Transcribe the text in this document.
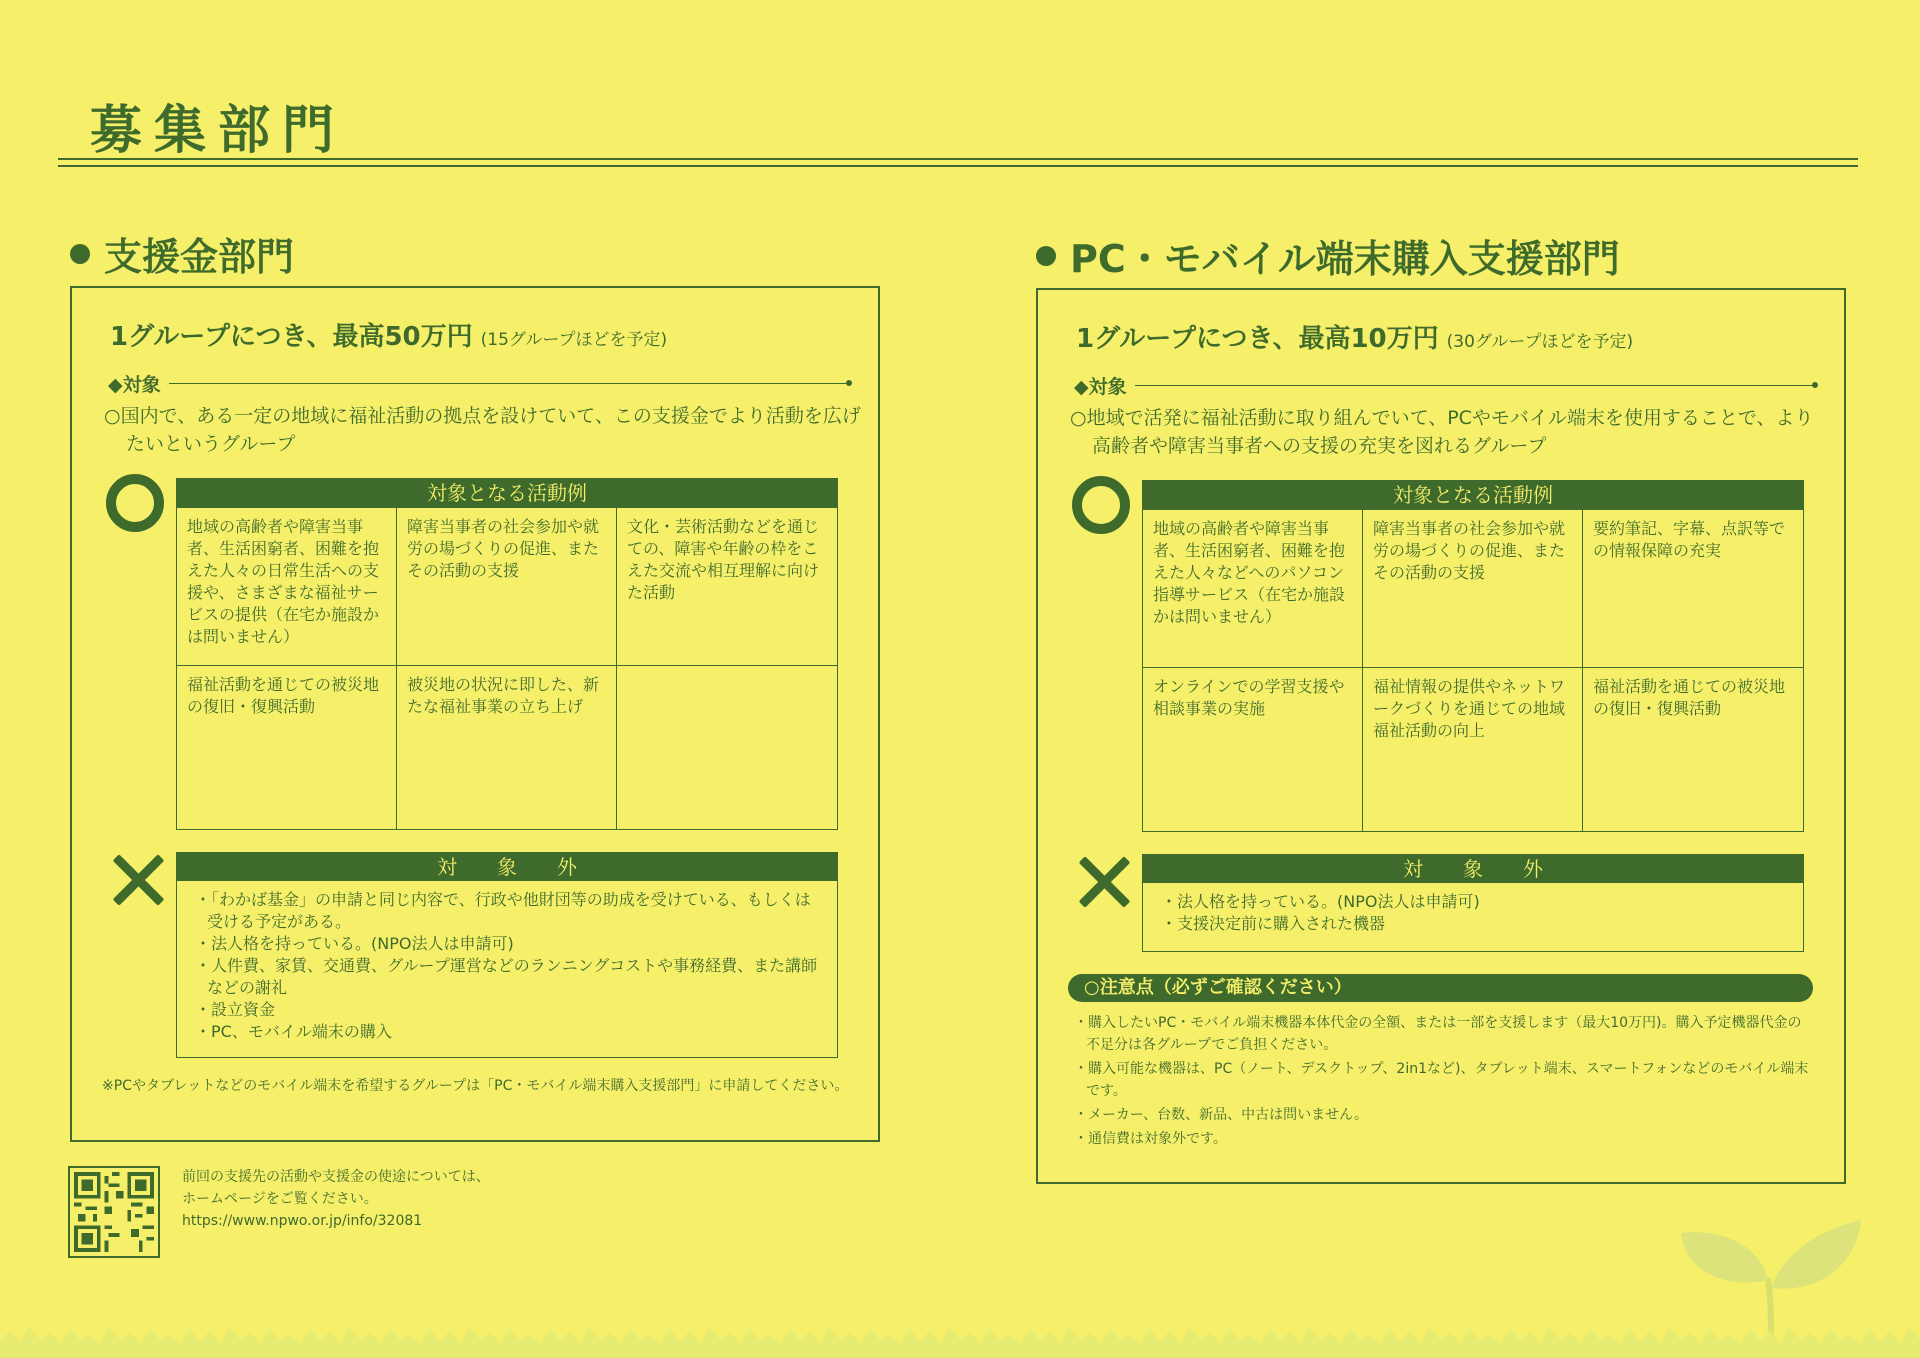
募集部門
支援金部門
1グループにつき、最高50万円 (15グループほどを予定)
◆対象
○国内で、ある一定の地域に福祉活動の拠点を設けていて、この支援金でより活動を広げたいというグループ
対象となる活動例
地域の高齢者や障害当事者、生活困窮者、困難を抱えた人々の日常生活への支援や、さまざまな福祉サービスの提供（在宅か施設かは問いません）
障害当事者の社会参加や就労の場づくりの促進、またその活動の支援
文化・芸術活動などを通じての、障害や年齢の枠をこえた交流や相互理解に向けた活動
福祉活動を通じての被災地の復旧・復興活動
被災地の状況に即した、新たな福祉事業の立ち上げ
対象外
・ 「わかば基金」の申請と同じ内容で、行政や他財団等の助成を受けている、もしくは受ける予定がある。
・ 法人格を持っている。(NPO法人は申請可)
・ 人件費、家賃、交通費、グループ運営などのランニングコストや事務経費、また講師などの謝礼
・ 設立資金
・ PC、モバイル端末の購入
※PCやタブレットなどのモバイル端末を希望するグループは「PC・モバイル端末購入支援部門」に申請してください。
PC・モバイル端末購入支援部門
1グループにつき、最高10万円 (30グループほどを予定)
◆対象
○地域で活発に福祉活動に取り組んでいて、PCやモバイル端末を使用することで、より高齢者や障害当事者への支援の充実を図れるグループ
対象となる活動例
地域の高齢者や障害当事者、生活困窮者、困難を抱えた人々などへのパソコン指導サービス（在宅か施設かは問いません）
障害当事者の社会参加や就労の場づくりの促進、またその活動の支援
要約筆記、字幕、点訳等での情報保障の充実
オンラインでの学習支援や相談事業の実施
福祉情報の提供やネットワークづくりを通じての地域福祉活動の向上
福祉活動を通じての被災地の復旧・復興活動
対象外
・ 法人格を持っている。(NPO法人は申請可)
・ 支援決定前に購入された機器
○注意点（必ずご確認ください）
・ 購入したいPC・モバイル端末機器本体代金の全額、または一部を支援します（最大10万円)。購入予定機器代金の不足分は各グループでご負担ください。
・ 購入可能な機器は、PC（ノート、デスクトップ、2in1など)、タブレット端末、スマートフォンなどのモバイル端末です。
・ メーカー、台数、新品、中古は問いません。
・ 通信費は対象外です。
前回の支援先の活動や支援金の使途については、
ホームページをご覧ください。
https://www.npwo.or.jp/info/32081
